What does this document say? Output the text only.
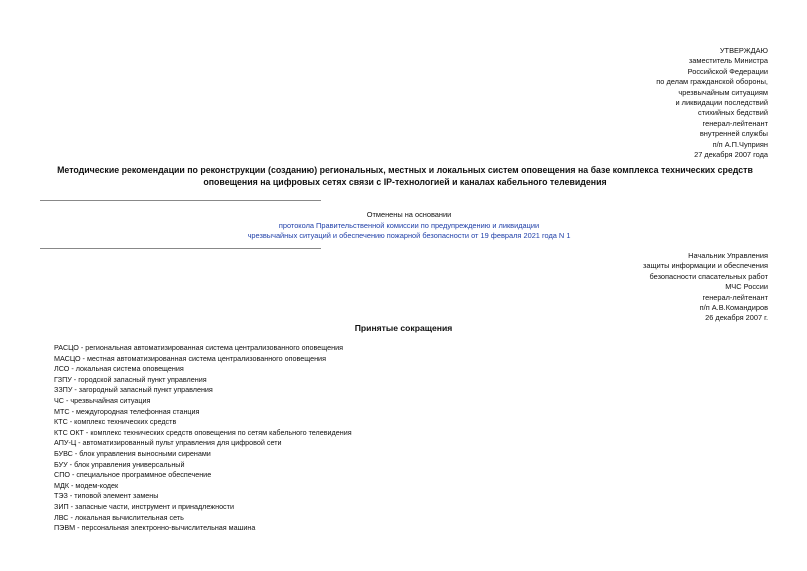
УТВЕРЖДАЮ
заместитель Министра
Российской Федерации
по делам гражданской обороны,
чрезвычайным ситуациям
и ликвидации последствий
стихийных бедствий
генерал-лейтенант
внутренней службы
п/п А.П.Чуприян
27 декабря 2007 года
Методические рекомендации по реконструкции (созданию) региональных, местных и локальных систем оповещения на базе комплекса технических средств
оповещения на цифровых сетях связи с IP-технологией и каналах кабельного телевидения
Отменены на основании
протокола Правительственной комиссии по предупреждению и ликвидации
чрезвычайных ситуаций и обеспечению пожарной безопасности от 19 февраля 2021 года N 1
Начальник Управления
защиты информации и обеспечения
безопасности спасательных работ
МЧС России
генерал-лейтенант
п/п А.В.Командиров
26 декабря 2007 г.
Принятые сокращения
РАСЦО - региональная автоматизированная система централизованного оповещения
МАСЦО - местная автоматизированная система централизованного оповещения
ЛСО - локальная система оповещения
ГЗПУ - городской запасный пункт управления
ЗЗПУ - загородный запасный пункт управления
ЧС - чрезвычайная ситуация
МТС - междугородная телефонная станция
КТС - комплекс технических средств
КТС ОКТ - комплекс технических средств оповещения по сетям кабельного телевидения
АПУ-Ц - автоматизированный пульт управления для цифровой сети
БУВС - блок управления выносными сиренами
БУУ - блок управления универсальный
СПО - специальное программное обеспечение
МДК - модем-кодек
ТЭЗ - типовой элемент замены
ЗИП - запасные части, инструмент и принадлежности
ЛВС - локальная вычислительная сеть
ПЭВМ - персональная электронно-вычислительная машина
